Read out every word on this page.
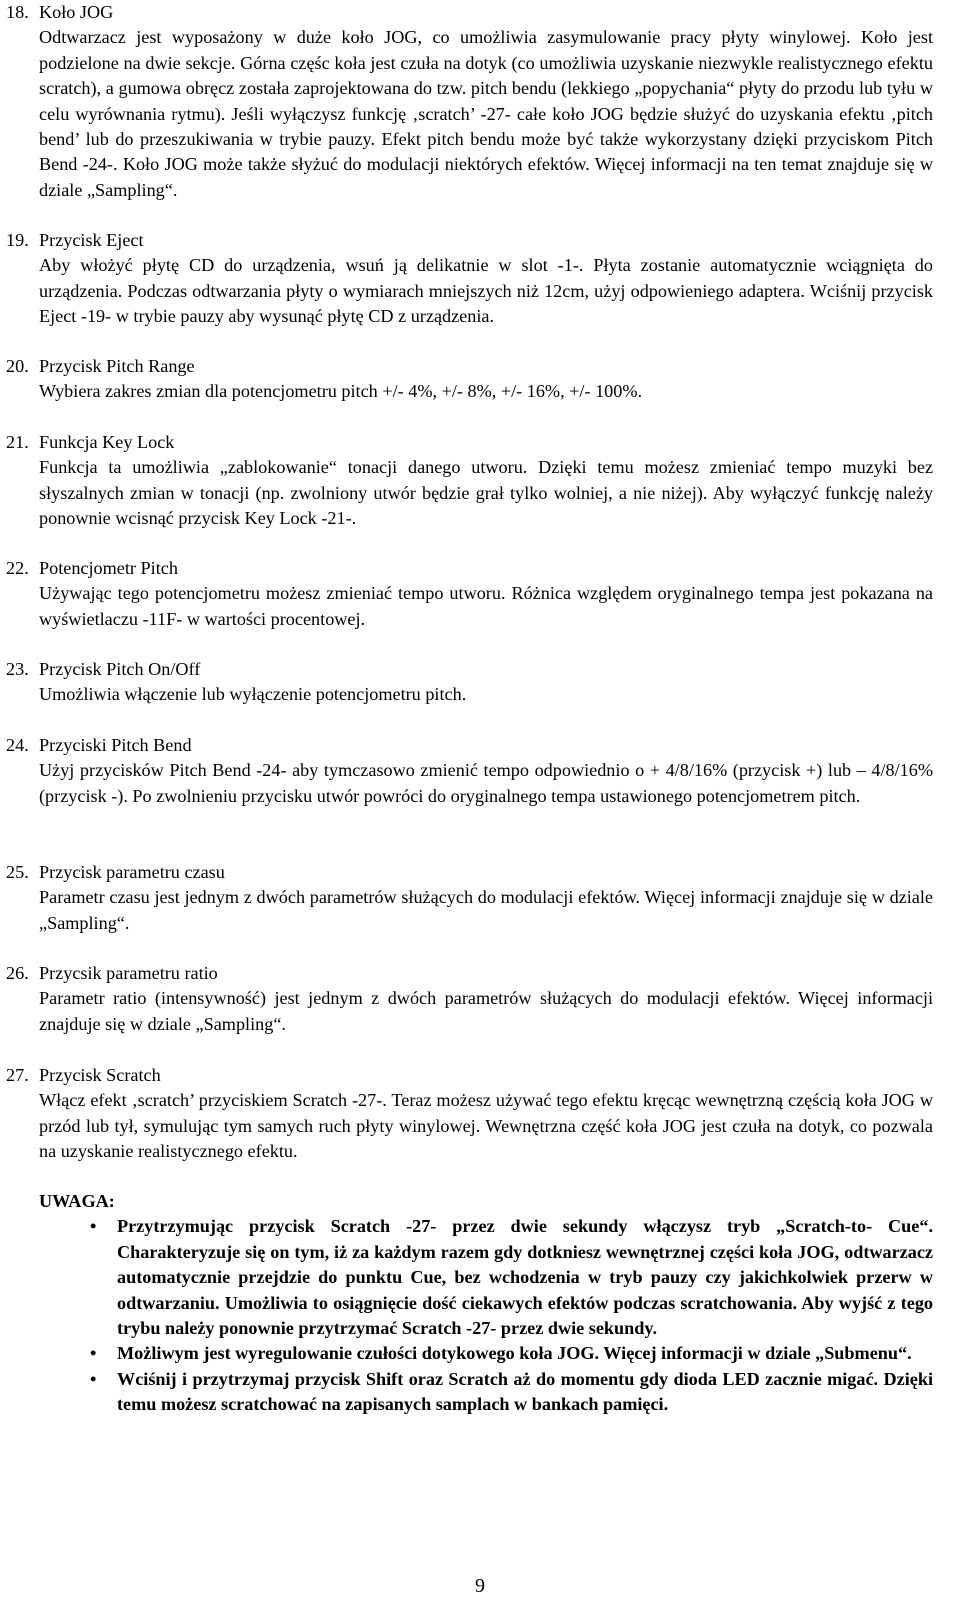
18. Koło JOG
Odtwarzacz jest wyposażony w duże koło JOG, co umożliwia zasymulowanie pracy płyty winylowej. Koło jest podzielone na dwie sekcje. Górna częśc koła jest czuła na dotyk (co umożliwia uzyskanie niezwykle realistycznego efektu scratch), a gumowa obręcz została zaprojektowana do tzw. pitch bendu (lekkiego „popychania“ płyty do przodu lub tyłu w celu wyrównania rytmu). Jeśli wyłączysz funkcję ‚scratch’ -27- całe koło JOG będzie służyć do uzyskania efektu ‚pitch bend’ lub do przeszukiwania w trybie pauzy. Efekt pitch bendu może być także wykorzystany dzięki przyciskom Pitch Bend -24-. Koło JOG może także słyżuć do modulacji niektórych efektów. Więcej informacji na ten temat znajduje się w dziale „Sampling“.
19. Przycisk Eject
Aby włożyć płytę CD do urządzenia, wsuń ją delikatnie w slot -1-. Płyta zostanie automatycznie wciągnięta do urządzenia. Podczas odtwarzania płyty o wymiarach mniejszych niż 12cm, użyj odpowieniego adaptera. Wciśnij przycisk Eject -19- w trybie pauzy aby wysunąć płytę CD z urządzenia.
20. Przycisk Pitch Range
Wybiera zakres zmian dla potencjometru pitch +/- 4%, +/- 8%, +/- 16%, +/- 100%.
21. Funkcja Key Lock
Funkcja ta umożliwia „zablokowanie“ tonacji danego utworu. Dzięki temu możesz zmieniać tempo muzyki bez słyszalnych zmian w tonacji (np. zwolniony utwór będzie grał tylko wolniej, a nie niżej). Aby wyłączyć funkcję należy ponownie wcisnąć przycisk Key Lock -21-.
22. Potencjometr Pitch
Używając tego potencjometru możesz zmieniać tempo utworu. Różnica względem oryginalnego tempa jest pokazana na wyświetlaczu -11F- w wartości procentowej.
23. Przycisk Pitch On/Off
Umożliwia włączenie lub wyłączenie potencjometru pitch.
24. Przyciski Pitch Bend
Użyj przycisków Pitch Bend -24- aby tymczasowo zmienić tempo odpowiednio o + 4/8/16% (przycisk +) lub – 4/8/16% (przycisk -). Po zwolnieniu przycisku utwór powróci do oryginalnego tempa ustawionego potencjometrem pitch.
25. Przycisk parametru czasu
Parametr czasu jest jednym z dwóch parametrów służących do modulacji efektów. Więcej informacji znajduje się w dziale „Sampling“.
26. Przycsik parametru ratio
Parametr ratio (intensywność) jest jednym z dwóch parametrów służących do modulacji efektów. Więcej informacji znajduje się w dziale „Sampling“.
27. Przycisk Scratch
Włącz efekt ‚scratch’ przyciskiem Scratch -27-. Teraz możesz używać tego efektu kręcąc wewnętrzną częścią koła JOG w przód lub tył, symulując tym samych ruch płyty winylowej. Wewnętrzna część koła JOG jest czuła na dotyk, co pozwala na uzyskanie realistycznego efektu.
UWAGA:
• Przytrzymując przycisk Scratch -27- przez dwie sekundy włączysz tryb „Scratch-to- Cue“. Charakteryzuje się on tym, iż za każdym razem gdy dotkniesz wewnętrznej części koła JOG, odtwarzacz automatycznie przejdzie do punktu Cue, bez wchodzenia w tryb pauzy czy jakichkolwiek przerw w odtwarzaniu. Umożliwia to osiągnięcie dość ciekawych efektów podczas scratchowania. Aby wyjść z tego trybu należy ponownie przytrzymać Scratch -27- przez dwie sekundy.
• Możliwym jest wyregulowanie czułości dotykowego koła JOG. Więcej informacji w dziale „Submenu“.
• Wciśnij i przytrzymaj przycisk Shift oraz Scratch aż do momentu gdy dioda LED zacznie migać. Dzięki temu możesz scratchować na zapisanych samplach w bankach pamięci.
9
